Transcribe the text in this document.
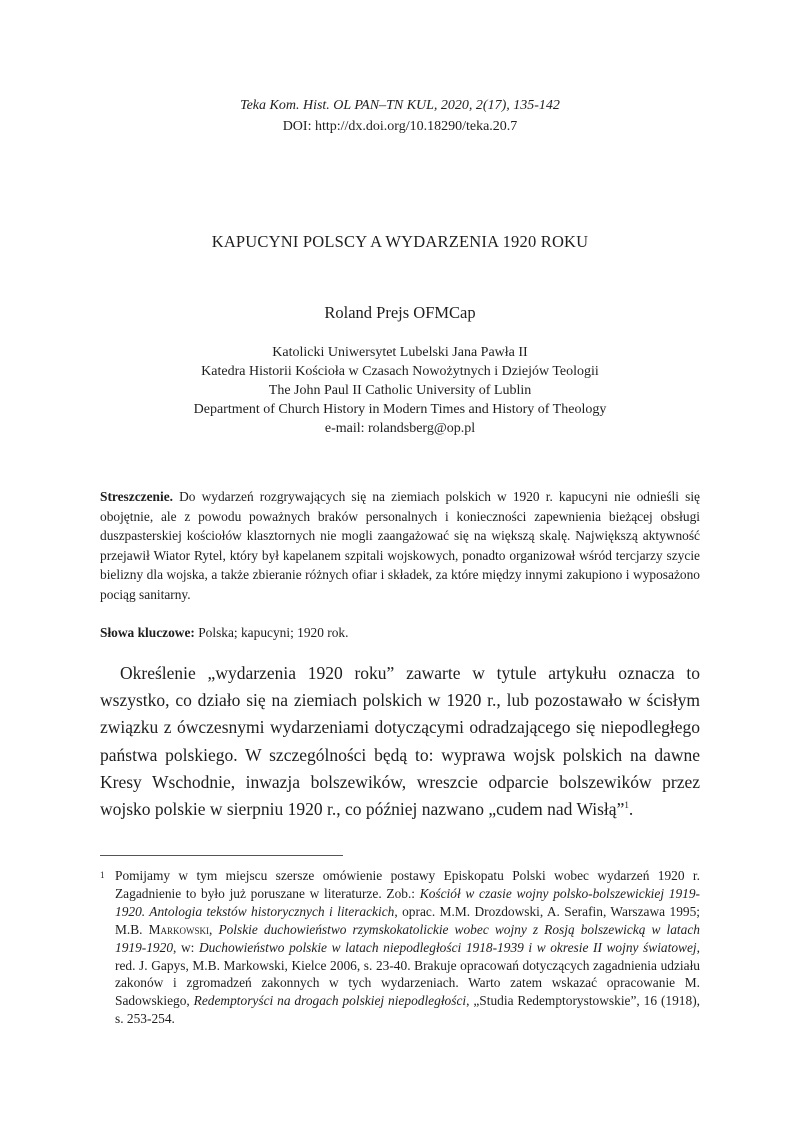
Teka Kom. Hist. OL PAN–TN KUL, 2020, 2(17), 135-142
DOI: http://dx.doi.org/10.18290/teka.20.7
KAPUCYNI POLSCY A WYDARZENIA 1920 ROKU
Roland Prejs OFMCap
Katolicki Uniwersytet Lubelski Jana Pawła II
Katedra Historii Kościoła w Czasach Nowożytnych i Dziejów Teologii
The John Paul II Catholic University of Lublin
Department of Church History in Modern Times and History of Theology
e-mail: rolandsberg@op.pl
Streszczenie. Do wydarzeń rozgrywających się na ziemiach polskich w 1920 r. kapucyni nie odnieśli się obojętnie, ale z powodu poważnych braków personalnych i konieczności zapewnienia bieżącej obsługi duszpasterskiej kościołów klasztornych nie mogli zaangażować się na większą skalę. Największą aktywność przejawił Wiator Rytel, który był kapelanem szpitali wojskowych, ponadto organizował wśród tercjarzy szycie bielizny dla wojska, a także zbieranie różnych ofiar i składek, za które między innymi zakupiono i wyposażono pociąg sanitarny.
Słowa kluczowe: Polska; kapucyni; 1920 rok.

Określenie „wydarzenia 1920 roku” zawarte w tytule artykułu oznacza to wszystko, co działo się na ziemiach polskich w 1920 r., lub pozostawało w ścisłym związku z ówczesnymi wydarzeniami dotyczącymi odradzającego się niepodległego państwa polskiego. W szczególności będą to: wyprawa wojsk polskich na dawne Kresy Wschodnie, inwazja bolszewików, wreszcie odparcie bolszewików przez wojsko polskie w sierpniu 1920 r., co później nazwano „cudem nad Wisłą”$^1$.

1 Pomijamy w tym miejscu szersze omówienie postawy Episkopatu Polski wobec wydarzeń 1920 r. Zagadnienie to było już poruszane w literaturze. Zob.: Kościół w czasie wojny polsko-bolszewickiej 1919-1920. Antologia tekstów historycznych i literackich, oprac. M.M. Drozdowski, A. Serafin, Warszawa 1995; M.B. Markowski, Polskie duchowieństwo rzymskokatolickie wobec wojny z Rosją bolszewicką w latach 1919-1920, w: Duchowieństwo polskie w latach niepodległości 1918-1939 i w okresie II wojny światowej, red. J. Gapys, M.B. Markowski, Kielce 2006, s. 23-40. Brakuje opracowań dotyczących zagadnienia udziału zakonów i zgromadzeń zakonnych w tych wydarzeniach. Warto zatem wskazać opracowanie M. Sadowskiego, Redemptoryści na drogach polskiej niepodległości, „Studia Redemptorystowskie”, 16 (1918), s. 253-254.
